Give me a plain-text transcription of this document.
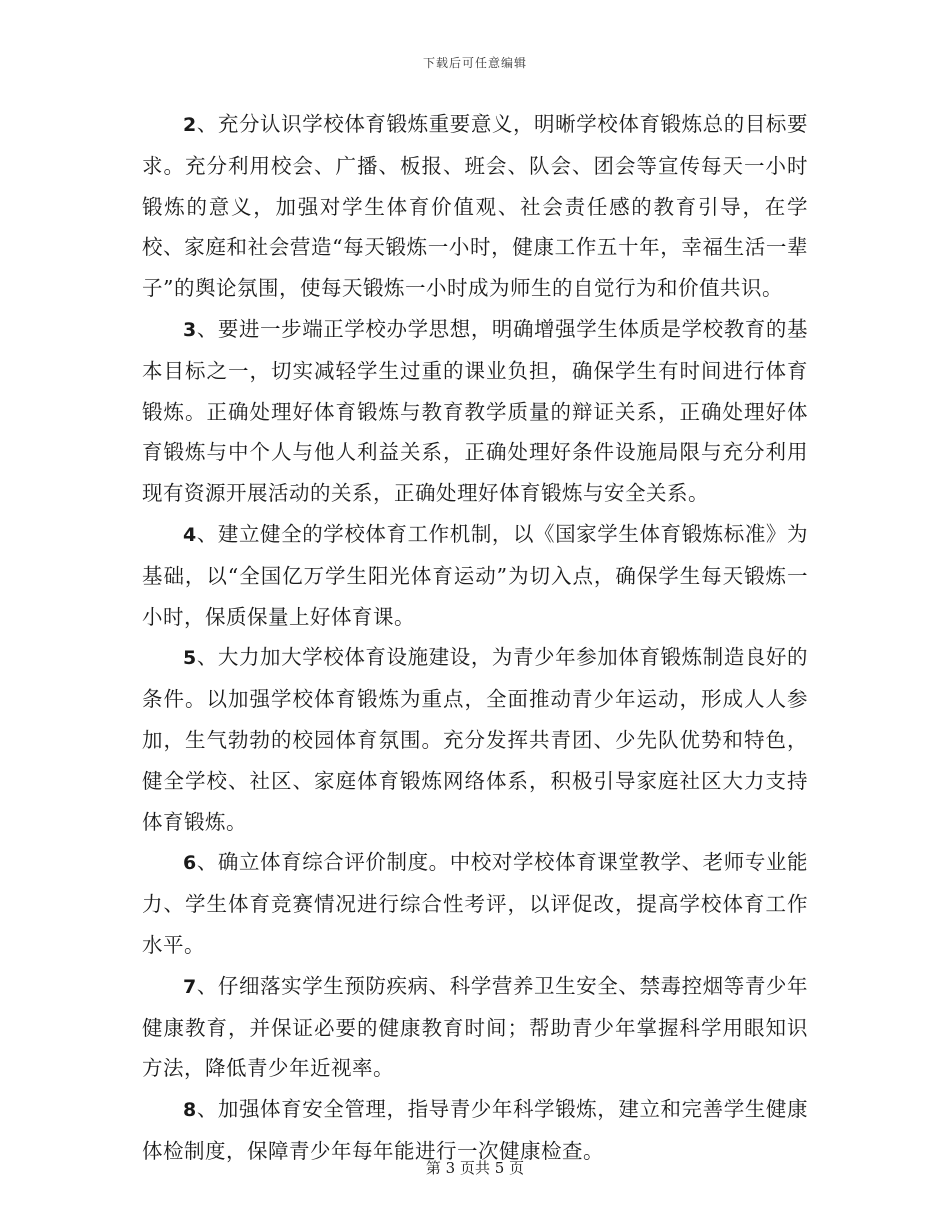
下载后可任意编辑

2、充分认识学校体育锻炼重要意义，明晰学校体育锻炼总的目标要求。充分利用校会、广播、板报、班会、队会、团会等宣传每天一小时锻炼的意义，加强对学生体育价值观、社会责任感的教育引导，在学校、家庭和社会营造“每天锻炼一小时，健康工作五十年，幸福生活一辈子”的舆论氛围，使每天锻炼一小时成为师生的自觉行为和价值共识。

3、要进一步端正学校办学思想，明确增强学生体质是学校教育的基本目标之一，切实减轻学生过重的课业负担，确保学生有时间进行体育锻炼。正确处理好体育锻炼与教育教学质量的辩证关系，正确处理好体育锻炼与中个人与他人利益关系，正确处理好条件设施局限与充分利用现有资源开展活动的关系，正确处理好体育锻炼与安全关系。

4、建立健全的学校体育工作机制，以《国家学生体育锻炼标准》为基础，以“全国亿万学生阳光体育运动”为切入点，确保学生每天锻炼一小时，保质保量上好体育课。

5、大力加大学校体育设施建设，为青少年参加体育锻炼制造良好的条件。以加强学校体育锻炼为重点，全面推动青少年运动，形成人人参加，生气勃勃的校园体育氛围。充分发挥共青团、少先队优势和特色，健全学校、社区、家庭体育锻炼网络体系，积极引导家庭社区大力支持体育锻炼。

6、确立体育综合评价制度。中校对学校体育课堂教学、老师专业能力、学生体育竞赛情况进行综合性考评，以评促改，提高学校体育工作水平。

7、仔细落实学生预防疾病、科学营养卫生安全、禁毒控烟等青少年健康教育，并保证必要的健康教育时间；帮助青少年掌握科学用眼知识方法，降低青少年近视率。

8、加强体育安全管理，指导青少年科学锻炼，建立和完善学生健康体检制度，保障青少年每年能进行一次健康检查。

第 3 页共 5 页
